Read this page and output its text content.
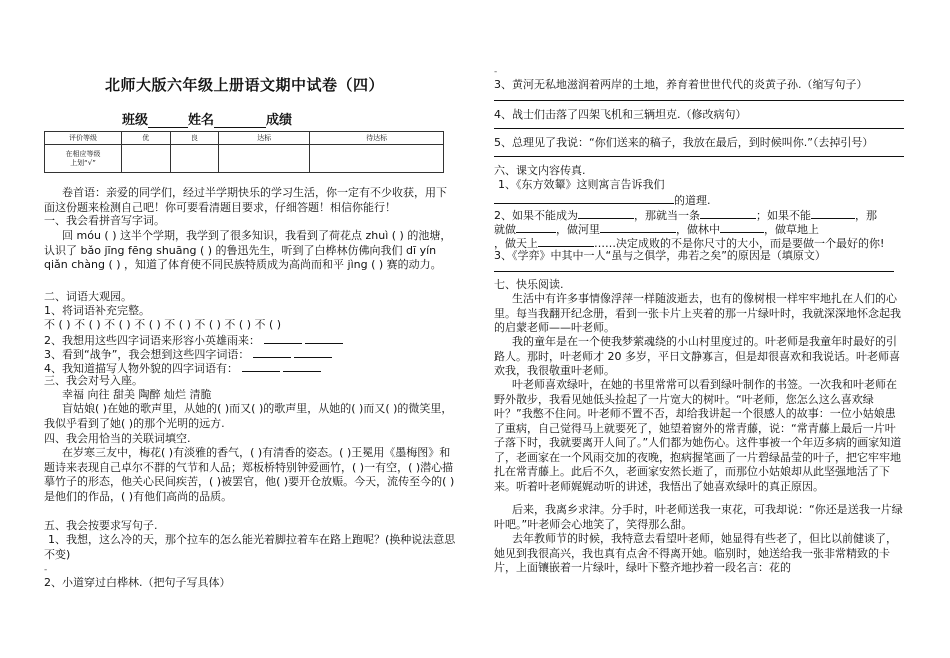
北师大版六年级上册语文期中试卷（四）
班级	姓名	成绩
评价等级	优	良	达标	待达标
在相应等级
上划“√”				
卷首语：亲爱的同学们，经过半学期快乐的学习生活，你一定有不少收获，用下面这份题来检测自己吧！你可要看清题目要求，仔细答题！相信你能行！
一、我会看拼音写字词。
回 móu ( ) 这半个学期，我学到了很多知识，我看到了荷花点 zhuì ( ) 的池塘，认识了 bǎo jīng fēng shuāng ( ) 的鲁迅先生，听到了白桦林仿佛向我们 dī yín qiǎn chàng ( ) ，知道了体育使不同民族特质成为高尚而和平 jìng ( ) 赛的动力。
二、词语大观园。
1、将词语补充完整。
不 ( ) 不 ( ) 不 ( ) 不 ( ) 不 ( ) 不 ( ) 不 ( ) 不 ( )
2、我想用这些四字词语来形容小英雄雨来：
3、看到“战争”，我会想到这些四字词语：
4、我知道描写人物外貌的四字词语有：
三、我会对号入座。
幸福 向往 甜美 陶醉 灿烂 清脆
盲姑娘( )在她的歌声里，从她的( )而又( )的歌声里，从她的( )而又( )的微笑里，我似乎看到了她( )的那个光明的远方.
四、我会用恰当的关联词填空.
在岁寒三友中，梅花( )有淡雅的香气，( )有清香的姿态。( )王冕用《墨梅图》和题诗来表现自己卓尔不群的气节和人品；郑板桥特别钟爱画竹，( )一有空，( )潜心描摹竹子的形态，他关心民间疾苦，( )被罢官，他( )要开仓放赈。今天，流传至今的( )是他们的作品，( )有他们高尚的品质。
五、我会按要求写句子.
1、我想，这么冷的天，那个拉车的怎么能光着脚拉着车在路上跑呢？(换种说法意思不变)
-
2、小道穿过白桦林.（把句子写具体）
-
3、黄河无私地滋润着两岸的土地，养育着世世代代的炎黄子孙.（缩写句子）
4、战士们击落了四架飞机和三辆坦克.（修改病句）
5、总理见了我说：“你们送来的稿子，我放在最后，到时候叫你.”（去掉引号）
六、课文内容传真.
1、《东方效颦》这则寓言告诉我们
的道理.
2、如果不能成为	，那就当一条	；如果不能	，那
就做	，做河里	，做林中	，做草地上
，做天上	……决定成败的不是你尺寸的大小，而是要做一个最好的你!
3、《学弈》中其中一人“虽与之俱学，弗若之矣”的原因是（填原文）
七、快乐阅读.
生活中有许多事情像浮萍一样随波逝去，也有的像树根一样牢牢地扎在人们的心里。每当我翻开纪念册，看到一张卡片上夹着的那一片绿叶时，我就深深地怀念起我的启蒙老师——叶老师。
我的童年是在一个使我梦萦魂绕的小山村里度过的。叶老师是我童年时最好的引路人。那时，叶老师才 20 多岁，平日文静寡言，但是却很喜欢和我说话。叶老师喜欢我，我很敬重叶老师。
叶老师喜欢绿叶，在她的书里常常可以看到绿叶制作的书签。一次我和叶老师在野外散步，我看见她低头捡起了一片宽大的树叶。“叶老师，您怎么这么喜欢绿叶？”我憋不住问。叶老师不置不否，却给我讲起一个很感人的故事：一位小姑娘患了重病，自己觉得马上就要死了，她望着窗外的常青藤，说：“常青藤上最后一片叶子落下时，我就要离开人间了。”人们都为她伤心。这件事被一个年迈多病的画家知道了，老画家在一个风雨交加的夜晚，抱病握笔画了一片碧绿晶莹的叶子，把它牢牢地扎在常青藤上。此后不久，老画家安然长逝了，而那位小姑娘却从此坚强地活了下来。听着叶老师娓娓动听的讲述，我悟出了她喜欢绿叶的真正原因。
后来，我离乡求津。分手时，叶老师送我一束花，可我却说：“你还是送我一片绿叶吧。”叶老师会心地笑了，笑得那么甜。
去年教师节的时候，我特意去看望叶老师，她显得有些老了，但比以前健谈了，她见到我很高兴，我也真有点舍不得离开她。临别时，她送给我一张非常精致的卡片，上面镶嵌着一片绿叶，绿叶下整齐地抄着一段名言：花的
